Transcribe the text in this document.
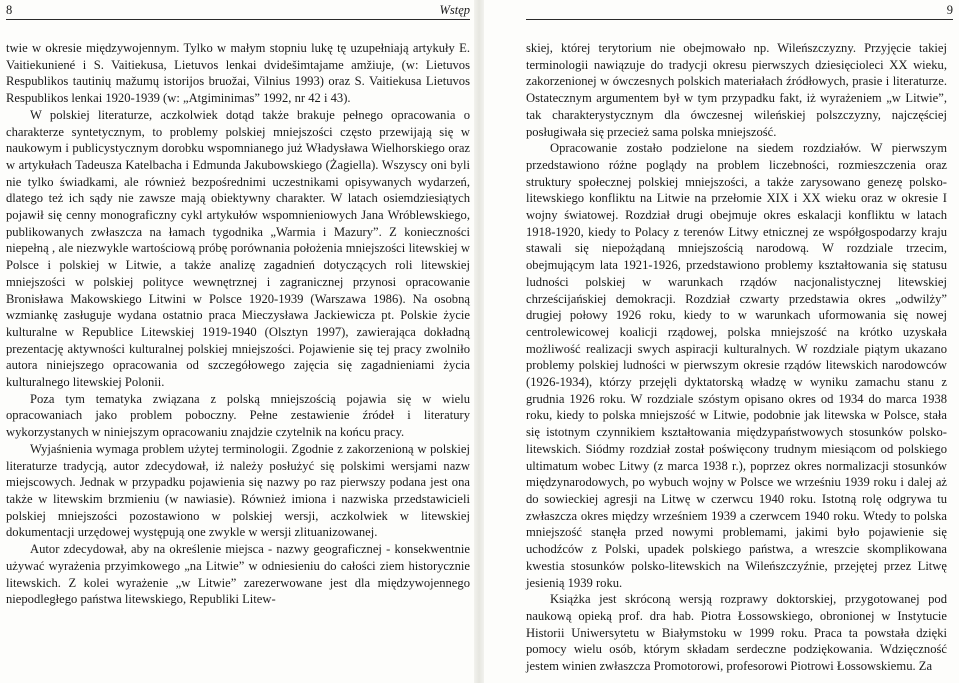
8	Wstęp

twie w okresie międzywojennym. Tylko w małym stopniu lukę tę uzupełniają artykuły E. Vaitiekuniené i S. Vaitiekusa, Lietuvos lenkai dvidešimtajame amžiuje, (w: Lietuvos Respublikos tautinių mažumų istorijos bruožai, Vilnius 1993) oraz S. Vaitiekusa Lietuvos Respublikos lenkai 1920-1939 (w: „Atgiminimas” 1992, nr 42 i 43).

W polskiej literaturze, aczkolwiek dotąd także brakuje pełnego opracowania o charakterze syntetycznym, to problemy polskiej mniejszości często przewijają się w naukowym i publicystycznym dorobku wspomnianego już Władysława Wielhorskiego oraz w artykułach Tadeusza Katelbacha i Edmunda Jakubowskiego (Żagiella). Wszyscy oni byli nie tylko świadkami, ale również bezpośrednimi uczestnikami opisywanych wydarzeń, dlatego też ich sądy nie zawsze mają obiektywny charakter. W latach osiemdziesiątych pojawił się cenny monograficzny cykl artykułów wspomnieniowych Jana Wróblewskiego, publikowanych zwłaszcza na łamach tygodnika „Warmia i Mazury”. Z konieczności niepełną , ale niezwykle wartościową próbę porównania położenia mniejszości litewskiej w Polsce i polskiej w Litwie, a także analizę zagadnień dotyczących roli litewskiej mniejszości w polskiej polityce wewnętrznej i zagranicznej przynosi opracowanie Bronisława Makowskiego Litwini w Polsce 1920-1939 (Warszawa 1986). Na osobną wzmiankę zasługuje wydana ostatnio praca Mieczysława Jackiewicza pt. Polskie życie kulturalne w Republice Litewskiej 1919-1940 (Olsztyn 1997), zawierająca dokładną prezentację aktywności kulturalnej polskiej mniejszości. Pojawienie się tej pracy zwolniło autora niniejszego opracowania od szczegółowego zajęcia się zagadnieniami życia kulturalnego litewskiej Polonii.

Poza tym tematyka związana z polską mniejszością pojawia się w wielu opracowaniach jako problem poboczny. Pełne zestawienie źródeł i literatury wykorzystanych w niniejszym opracowaniu znajdzie czytelnik na końcu pracy.

Wyjaśnienia wymaga problem użytej terminologii. Zgodnie z zakorzenioną w polskiej literaturze tradycją, autor zdecydował, iż należy posłużyć się polskimi wersjami nazw miejscowych. Jednak w przypadku pojawienia się nazwy po raz pierwszy podana jest ona także w litewskim brzmieniu (w nawiasie). Również imiona i nazwiska przedstawicieli polskiej mniejszości pozostawiono w polskiej wersji, aczkolwiek w litewskiej dokumentacji urzędowej występują one zwykle w wersji zlituanizowanej.

Autor zdecydował, aby na określenie miejsca - nazwy geograficznej - konsekwentnie używać wyrażenia przyimkowego „na Litwie” w odniesieniu do całości ziem historycznie litewskich. Z kolei wyrażenie „w Litwie” zarezerwowane jest dla międzywojennego niepodległego państwa litewskiego, Republiki Litew-

9

skiej, której terytorium nie obejmowało np. Wileńszczyzny. Przyjęcie takiej terminologii nawiązuje do tradycji okresu pierwszych dziesięcioleci XX wieku, zakorzenionej w ówczesnych polskich materiałach źródłowych, prasie i literaturze. Ostatecznym argumentem był w tym przypadku fakt, iż wyrażeniem „w Litwie”, tak charakterystycznym dla ówczesnej wileńskiej polszczyzny, najczęściej posługiwała się przecież sama polska mniejszość.

Opracowanie zostało podzielone na siedem rozdziałów. W pierwszym przedstawiono różne poglądy na problem liczebności, rozmieszczenia oraz struktury społecznej polskiej mniejszości, a także zarysowano genezę polsko-litewskiego konfliktu na Litwie na przełomie XIX i XX wieku oraz w okresie I wojny światowej. Rozdział drugi obejmuje okres eskalacji konfliktu w latach 1918-1920, kiedy to Polacy z terenów Litwy etnicznej ze współgospodarzy kraju stawali się niepożądaną mniejszością narodową. W rozdziale trzecim, obejmującym lata 1921-1926, przedstawiono problemy kształtowania się statusu ludności polskiej w warunkach rządów nacjonalistycznej litewskiej chrześcijańskiej demokracji. Rozdział czwarty przedstawia okres „odwilży” drugiej połowy 1926 roku, kiedy to w warunkach uformowania się nowej centrolewicowej koalicji rządowej, polska mniejszość na krótko uzyskała możliwość realizacji swych aspiracji kulturalnych. W rozdziale piątym ukazano problemy polskiej ludności w pierwszym okresie rządów litewskich narodowców (1926-1934), którzy przejęli dyktatorską władzę w wyniku zamachu stanu z grudnia 1926 roku. W rozdziale szóstym opisano okres od 1934 do marca 1938 roku, kiedy to polska mniejszość w Litwie, podobnie jak litewska w Polsce, stała się istotnym czynnikiem kształtowania międzypaństwowych stosunków polsko-litewskich. Siódmy rozdział został poświęcony trudnym miesiącom od polskiego ultimatum wobec Litwy (z marca 1938 r.), poprzez okres normalizacji stosunków międzynarodowych, po wybuch wojny w Polsce we wrześniu 1939 roku i dalej aż do sowieckiej agresji na Litwę w czerwcu 1940 roku. Istotną rolę odgrywa tu zwłaszcza okres między wrześniem 1939 a czerwcem 1940 roku. Wtedy to polska mniejszość stanęła przed nowymi problemami, jakimi było pojawienie się uchodźców z Polski, upadek polskiego państwa, a wreszcie skomplikowana kwestia stosunków polsko-litewskich na Wileńszczyźnie, przejętej przez Litwę jesienią 1939 roku.

Książka jest skróconą wersją rozprawy doktorskiej, przygotowanej pod naukową opieką prof. dra hab. Piotra Łossowskiego, obronionej w Instytucie Historii Uniwersytetu w Białymstoku w 1999 roku. Praca ta powstała dzięki pomocy wielu osób, którym składam serdeczne podziękowania. Wdzięczność jestem winien zwłaszcza Promotorowi, profesorowi Piotrowi Łossowskiemu. Za
